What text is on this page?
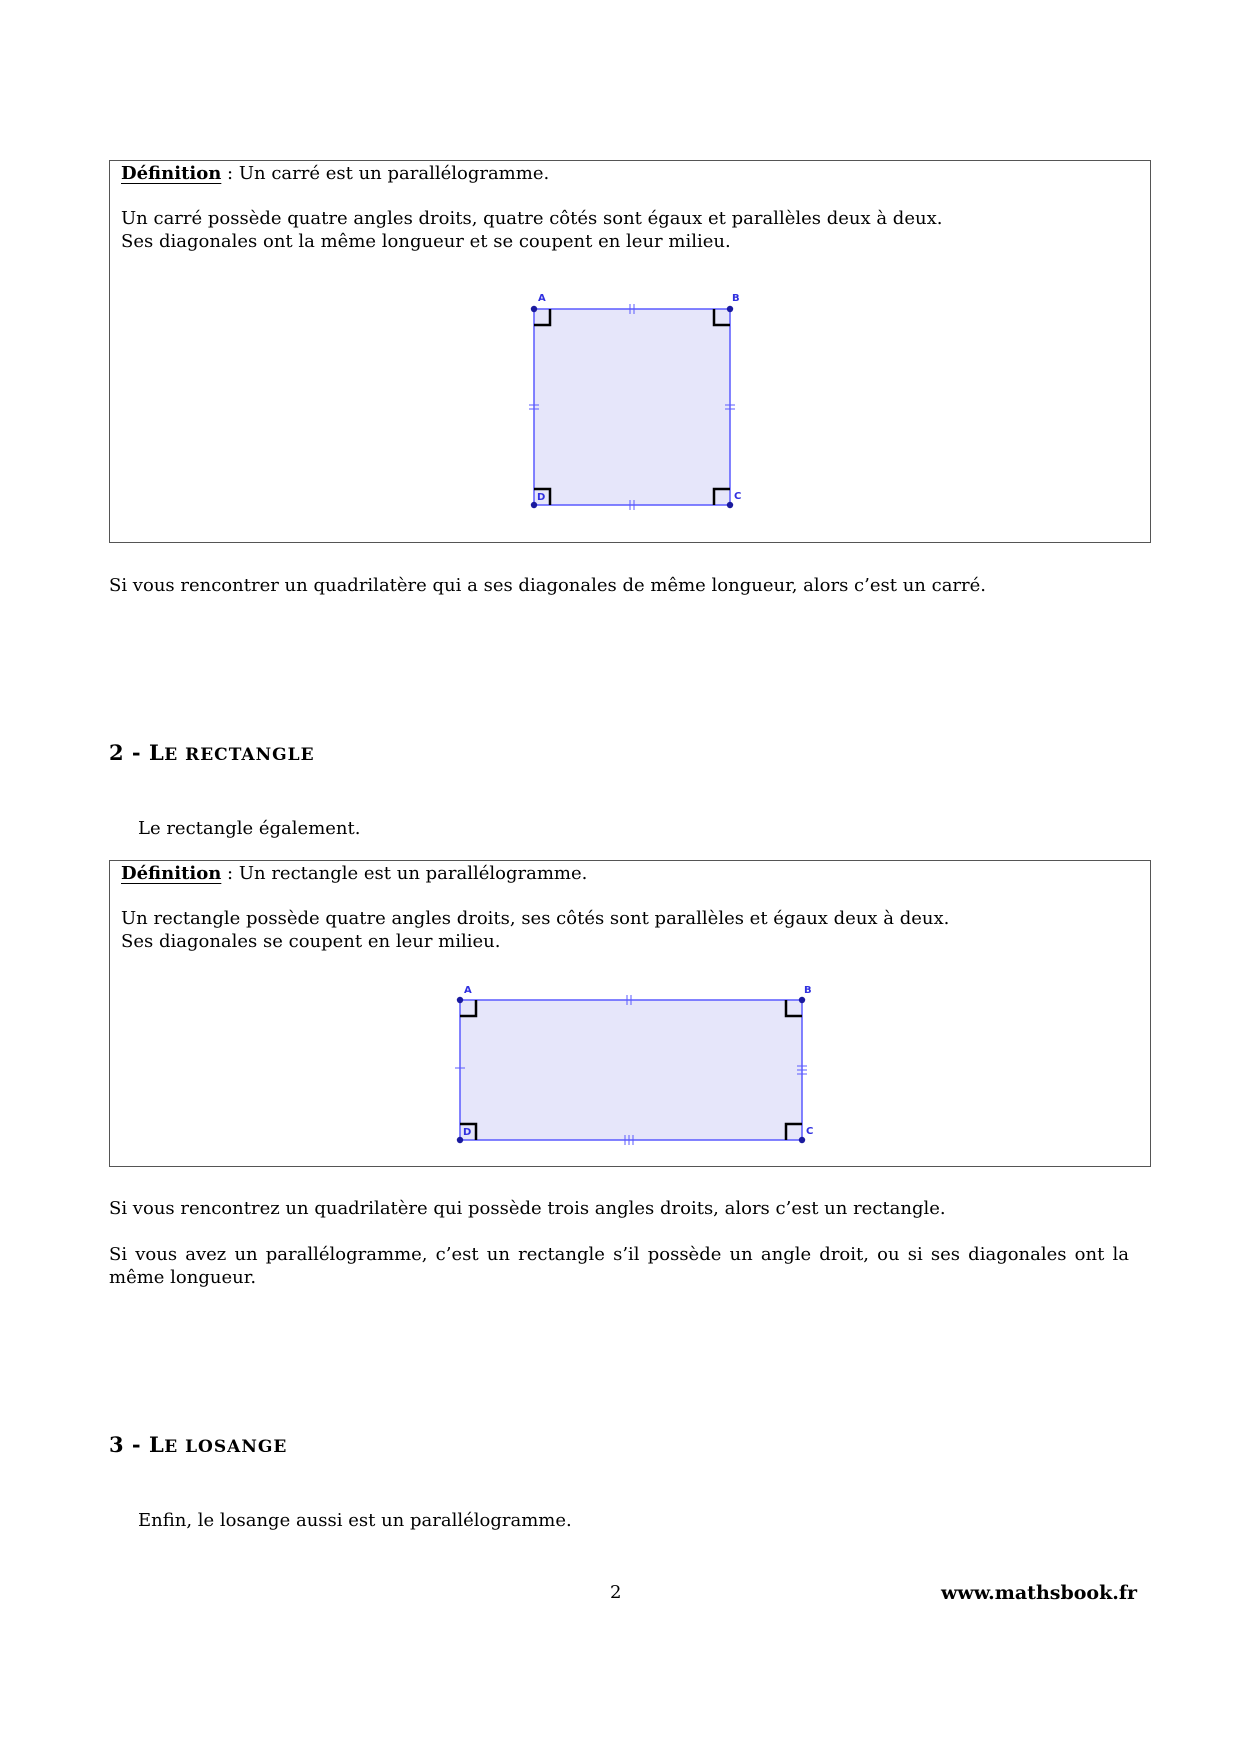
Définition : Un carré est un parallélogramme.
Un carré possède quatre angles droits, quatre côtés sont égaux et parallèles deux à deux.
Ses diagonales ont la même longueur et se coupent en leur milieu.
A	B
C
D
Si vous rencontrer un quadrilatère qui a ses diagonales de même longueur, alors c’est un carré.
2 - LE RECTANGLE
Le rectangle également.
Définition : Un rectangle est un parallélogramme.
Un rectangle possède quatre angles droits, ses côtés sont parallèles et égaux deux à deux.
Ses diagonales se coupent en leur milieu.
A	B
C
D
Si vous rencontrez un quadrilatère qui possède trois angles droits, alors c’est un rectangle.
Si vous avez un parallélogramme, c’est un rectangle s’il possède un angle droit, ou si ses diagonales ont la même longueur.
3 - LE LOSANGE
Enfin, le losange aussi est un parallélogramme.
2	www.mathsbook.fr
